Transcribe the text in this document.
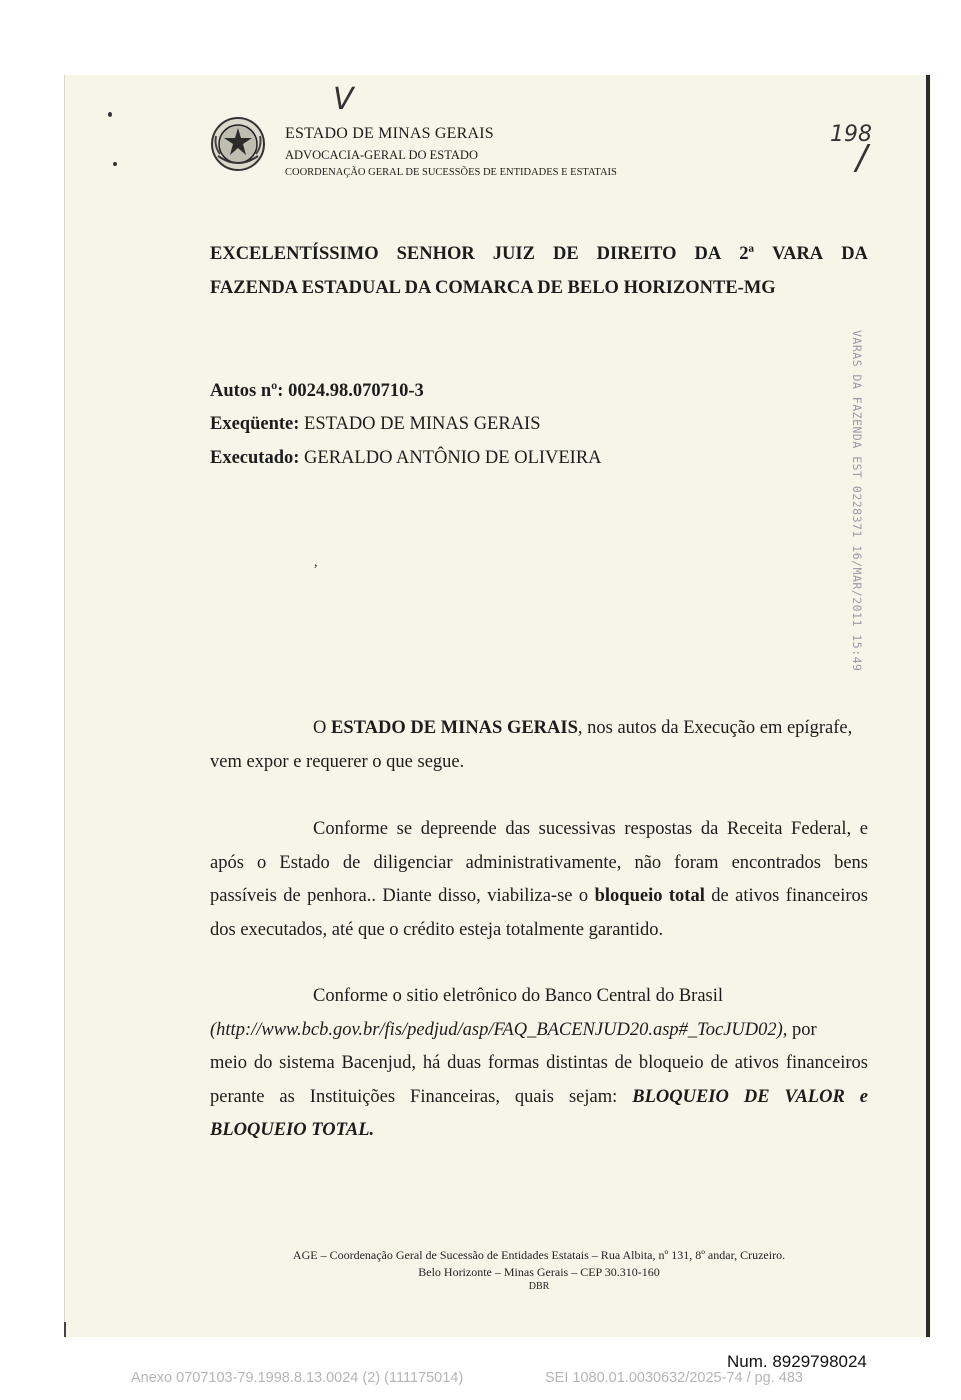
ESTADO DE MINAS GERAIS
ADVOCACIA-GERAL DO ESTADO
COORDENAÇÃO GERAL DE SUCESSÕES DE ENTIDADES E ESTATAIS
V
198
/
EXCELENTÍSSIMO SENHOR JUIZ DE DIREITO DA 2ª VARA DA
FAZENDA ESTADUAL DA COMARCA DE BELO HORIZONTE-MG
Autos nº: 0024.98.070710-3
Exeqüente: ESTADO DE MINAS GERAIS
Executado: GERALDO ANTÔNIO DE OLIVEIRA	VARAS DA FAZENDA EST 0228371 16/MAR/2011 15:49
,
O ESTADO DE MINAS GERAIS, nos autos da Execução em epígrafe,
vem expor e requerer o que segue.
Conforme se depreende das sucessivas respostas da Receita Federal, e
após o Estado de diligenciar administrativamente, não foram encontrados bens
passíveis de penhora.. Diante disso, viabiliza-se o bloqueio total de ativos financeiros
dos executados, até que o crédito esteja totalmente garantido.
Conforme o sitio eletrônico do Banco Central do Brasil
(http://www.bcb.gov.br/fis/pedjud/asp/FAQ_BACENJUD20.asp#_TocJUD02), por
meio do sistema Bacenjud, há duas formas distintas de bloqueio de ativos financeiros
perante as Instituições Financeiras, quais sejam: BLOQUEIO DE VALOR e
BLOQUEIO TOTAL.
AGE – Coordenação Geral de Sucessão de Entidades Estatais – Rua Albita, nº 131, 8º andar, Cruzeiro.
Belo Horizonte – Minas Gerais – CEP 30.310-160
DBR
Num. 8929798024
Anexo 0707103-79.1998.8.13.0024 (2) (111175014)	SEI 1080.01.0030632/2025-74 / pg. 483
